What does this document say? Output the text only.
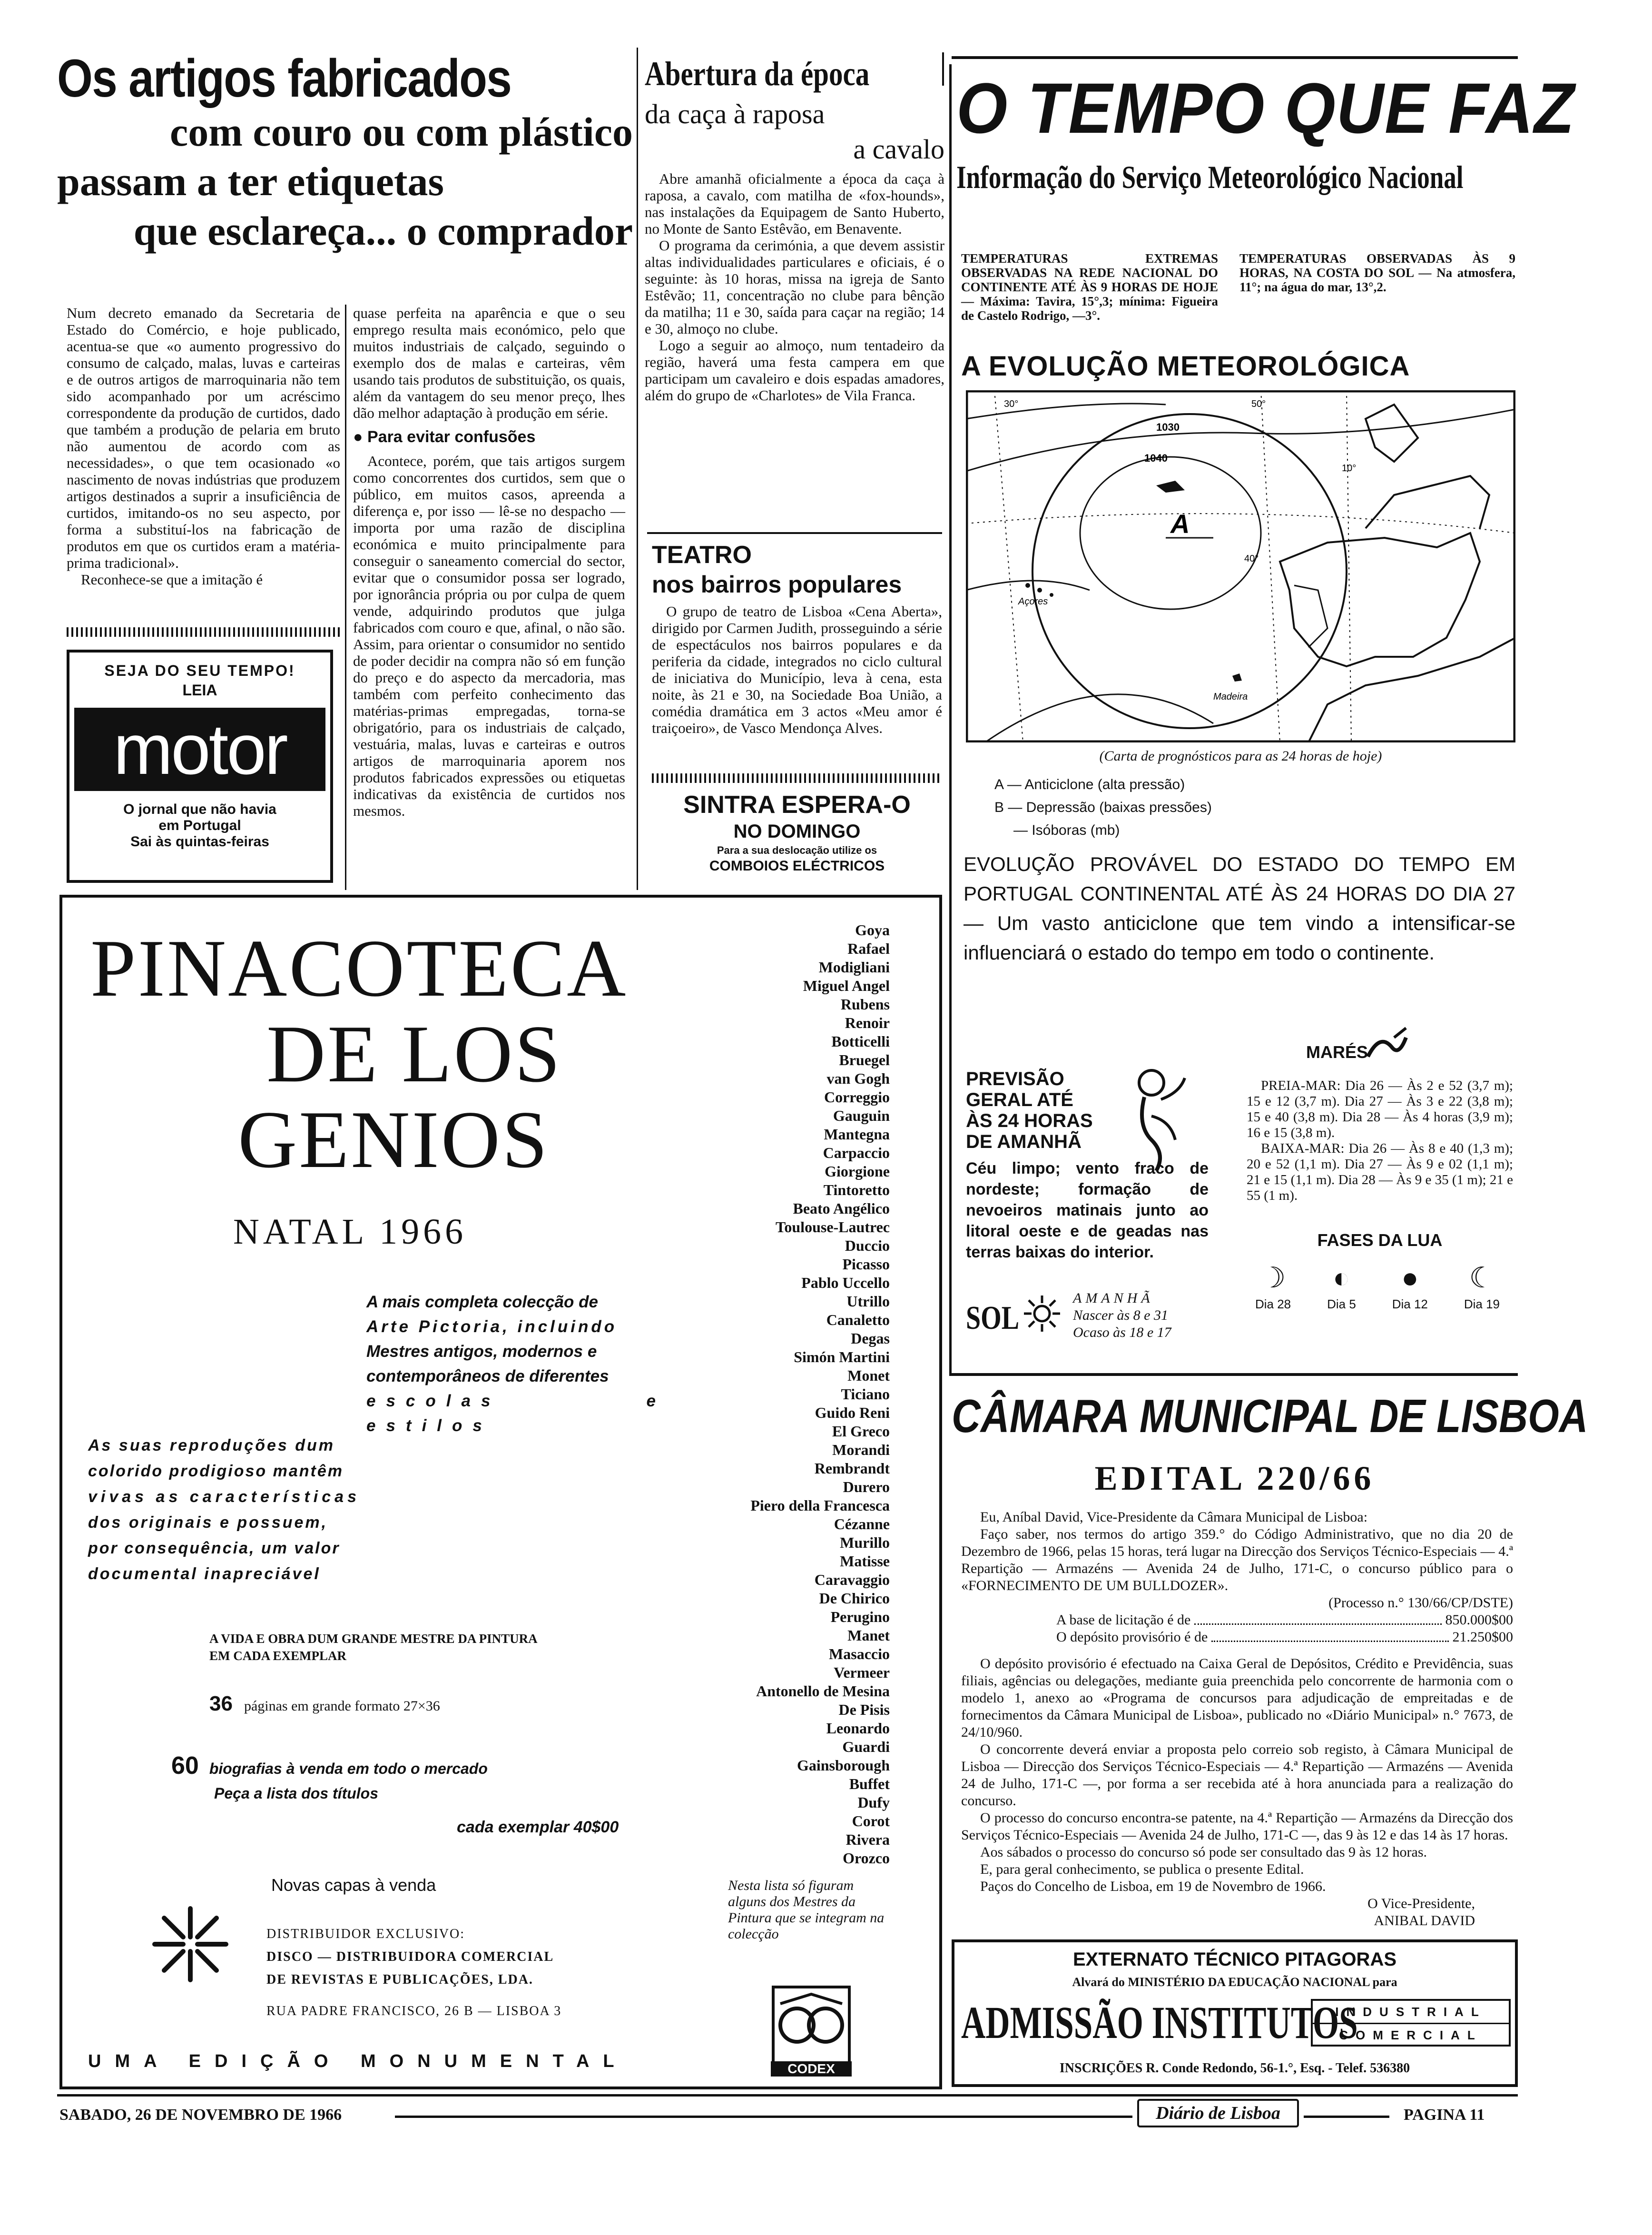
Os artigos fabricados
com couro ou com plástico
passam a ter etiquetas
que esclareça... o comprador

Num decreto emanado da Secretaria de Estado do Comércio, e hoje publicado, acentua-se que «o aumento progressivo do consumo de calçado, malas, luvas e carteiras e de outros artigos de marroquinaria não tem sido acompanhado por um acréscimo correspondente da produção de curtidos, dado que também a produção de pelaria em bruto não aumentou de acordo com as necessidades», o que tem ocasionado «o nascimento de novas indústrias que produzem artigos destinados a suprir a insuficiência de curtidos, imitando-os no seu aspecto, por forma a substituí-los na fabricação de produtos em que os curtidos eram a matéria-prima tradicional».

Reconhece-se que a imitação é

quase perfeita na aparência e que o seu emprego resulta mais económico, pelo que muitos industriais de calçado, seguindo o exemplo dos de malas e carteiras, vêm usando tais produtos de substituição, os quais, além da vantagem do seu menor preço, lhes dão melhor adaptação à produção em série.

● Para evitar confusões

Acontece, porém, que tais artigos surgem como concorrentes dos curtidos, sem que o público, em muitos casos, apreenda a diferença e, por isso — lê-se no despacho — importa por uma razão de disciplina económica e muito principalmente para conseguir o saneamento comercial do sector, evitar que o consumidor possa ser logrado, por ignorância própria ou por culpa de quem vende, adquirindo produtos que julga fabricados com couro e que, afinal, o não são. Assim, para orientar o consumidor no sentido de poder decidir na compra não só em função do preço e do aspecto da mercadoria, mas também com perfeito conhecimento das matérias-primas empregadas, torna-se obrigatório, para os industriais de calçado, vestuária, malas, luvas e carteiras e outros artigos de marroquinaria aporem nos produtos fabricados expressões ou etiquetas indicativas da existência de curtidos nos mesmos.

SEJA DO SEU TEMPO!
LEIA
motor
O jornal que não havia
em Portugal
Sai às quintas-feiras
Abertura da época
da caça à raposa
a cavalo

Abre amanhã oficialmente a época da caça à raposa, a cavalo, com matilha de «fox-hounds», nas instalações da Equipagem de Santo Huberto, no Monte de Santo Estêvão, em Benavente.

O programa da cerimónia, a que devem assistir altas individualidades particulares e oficiais, é o seguinte: às 10 horas, missa na igreja de Santo Estêvão; 11, concentração no clube para bênção da matilha; 11 e 30, saída para caçar na região; 14 e 30, almoço no clube.

Logo a seguir ao almoço, num tentadeiro da região, haverá uma festa campera em que participam um cavaleiro e dois espadas amadores, além do grupo de «Charlotes» de Vila Franca.

TEATRO
nos bairros populares

O grupo de teatro de Lisboa «Cena Aberta», dirigido por Carmen Judith, prosseguindo a série de espectáculos nos bairros populares e da periferia da cidade, integrados no ciclo cultural de iniciativa do Município, leva à cena, esta noite, às 21 e 30, na Sociedade Boa União, a comédia dramática em 3 actos «Meu amor é traiçoeiro», de Vasco Mendonça Alves.

SINTRA ESPERA-O
NO DOMINGO
Para a sua deslocação utilize os
COMBOIOS ELÉCTRICOS
O TEMPO QUE FAZ
Informação do Serviço Meteorológico Nacional
TEMPERATURAS EXTREMAS OBSERVADAS NA REDE NACIONAL DO CONTINENTE ATÉ ÀS 9 HORAS DE HOJE — Máxima: Tavira, 15°,3; mínima: Figueira de Castelo Rodrigo, —3°.
TEMPERATURAS OBSERVADAS ÀS 9 HORAS, NA COSTA DO SOL — Na atmosfera, 11°; na água do mar, 13°,2.
A EVOLUÇÃO METEOROLÓGICA
1030
1040
40°
30°	50°
10°
Açores
Madeira
A
(Carta de prognósticos para as 24 horas de hoje)
A — Anticiclone (alta pressão)
B — Depressão (baixas pressões)
— Isóboras (mb)
EVOLUÇÃO PROVÁVEL DO ESTADO DO TEMPO EM PORTUGAL CONTINENTAL ATÉ ÀS 24 HORAS DO DIA 27 — Um vasto anticiclone que tem vindo a intensificar-se influenciará o estado do tempo em todo o continente.
PREVISÃO
GERAL ATÉ
ÀS 24 HORAS
DE AMANHÃ
Céu limpo; vento fraco de nordeste; formação de nevoeiros matinais junto ao litoral oeste e de geadas nas terras baixas do interior.
SOL
AMANHÃ
Nascer às 8 e 31
Ocaso às 18 e 17
MARÉS

PREIA-MAR: Dia 26 — Às 2 e 52 (3,7 m); 15 e 12 (3,7 m). Dia 27 — Às 3 e 22 (3,8 m); 15 e 40 (3,8 m). Dia 28 — Às 4 horas (3,9 m); 16 e 15 (3,8 m).

BAIXA-MAR: Dia 26 — Às 8 e 40 (1,3 m); 20 e 52 (1,1 m). Dia 27 — Às 9 e 02 (1,1 m); 21 e 15 (1,1 m). Dia 28 — Às 9 e 35 (1 m); 21 e 55 (1 m).

FASES DA LUA
☽
Dia 28
◐
Dia 5
●
Dia 12
☾
Dia 19
PINACOTECA
DE LOS
GENIOS
NATAL 1966
A mais completa colecção de
Arte Pictoria, incluindo
Mestres antigos, modernos e
contemporâneos de diferentes
escolas e estilos
As suas reproduções dum
colorido prodigioso mantêm
vivas as características
dos originais e possuem,
por consequência, um valor
documental inapreciável
A VIDA E OBRA DUM GRANDE MESTRE DA PINTURA
EM CADA EXEMPLAR
36 páginas em grande formato 27×36
60 biografias à venda em todo o mercado
Peça a lista dos títulos
cada exemplar 40$00
Novas capas à venda
DISTRIBUIDOR EXCLUSIVO:
DISCO — DISTRIBUIDORA COMERCIAL
DE REVISTAS E PUBLICAÇÕES, LDA.
RUA PADRE FRANCISCO, 26 B — LISBOA 3
UMA EDIÇÃO MONUMENTAL
Nesta lista só figuram alguns dos Mestres da Pintura que se integram na colecção
CODEX
Goya
Rafael
Modigliani
Miguel Angel
Rubens
Renoir
Botticelli
Bruegel
van Gogh
Correggio
Gauguin
Mantegna
Carpaccio
Giorgione
Tintoretto
Beato Angélico
Toulouse-Lautrec
Duccio
Picasso
Pablo Uccello
Utrillo
Canaletto
Degas
Simón Martini
Monet
Ticiano
Guido Reni
El Greco
Morandi
Rembrandt
Durero
Piero della Francesca
Cézanne
Murillo
Matisse
Caravaggio
De Chirico
Perugino
Manet
Masaccio
Vermeer
Antonello de Mesina
De Pisis
Leonardo
Guardi
Gainsborough
Buffet
Dufy
Corot
Rivera
Orozco
CÂMARA MUNICIPAL DE LISBOA
EDITAL 220/66

Eu, Aníbal David, Vice-Presidente da Câmara Municipal de Lisboa:

Faço saber, nos termos do artigo 359.° do Código Administrativo, que no dia 20 de Dezembro de 1966, pelas 15 horas, terá lugar na Direcção dos Serviços Técnico-Especiais — 4.ª Repartição — Armazéns — Avenida 24 de Julho, 171-C, o concurso público para o «FORNECIMENTO DE UM BULLDOZER».

(Processo n.° 130/66/CP/DSTE)

A base de licitação é de	850.000$00
O depósito provisório é de	21.250$00

O depósito provisório é efectuado na Caixa Geral de Depósitos, Crédito e Previdência, suas filiais, agências ou delegações, mediante guia preenchida pelo concorrente de harmonia com o modelo 1, anexo ao «Programa de concursos para adjudicação de empreitadas e de fornecimentos da Câmara Municipal de Lisboa», publicado no «Diário Municipal» n.° 7673, de 24/10/960.

O concorrente deverá enviar a proposta pelo correio sob registo, à Câmara Municipal de Lisboa — Direcção dos Serviços Técnico-Especiais — 4.ª Repartição — Armazéns — Avenida 24 de Julho, 171-C —, por forma a ser recebida até à hora anunciada para a realização do concurso.

O processo do concurso encontra-se patente, na 4.ª Repartição — Armazéns da Direcção dos Serviços Técnico-Especiais — Avenida 24 de Julho, 171-C —, das 9 às 12 e das 14 às 17 horas.

Aos sábados o processo do concurso só pode ser consultado das 9 às 12 horas.

E, para geral conhecimento, se publica o presente Edital.

Paços do Concelho de Lisboa, em 19 de Novembro de 1966.

O Vice-Presidente,

ANIBAL DAVID

EXTERNATO TÉCNICO PITAGORAS
Alvará do MINISTÉRIO DA EDUCAÇÃO NACIONAL para
ADMISSÃO INSTITUTOS
INDUSTRIAL
COMERCIAL
INSCRIÇÕES R. Conde Redondo, 56-1.°, Esq. - Telef. 536380
SABADO, 26 DE NOVEMBRO DE 1966	Diário de Lisboa	PAGINA 11
